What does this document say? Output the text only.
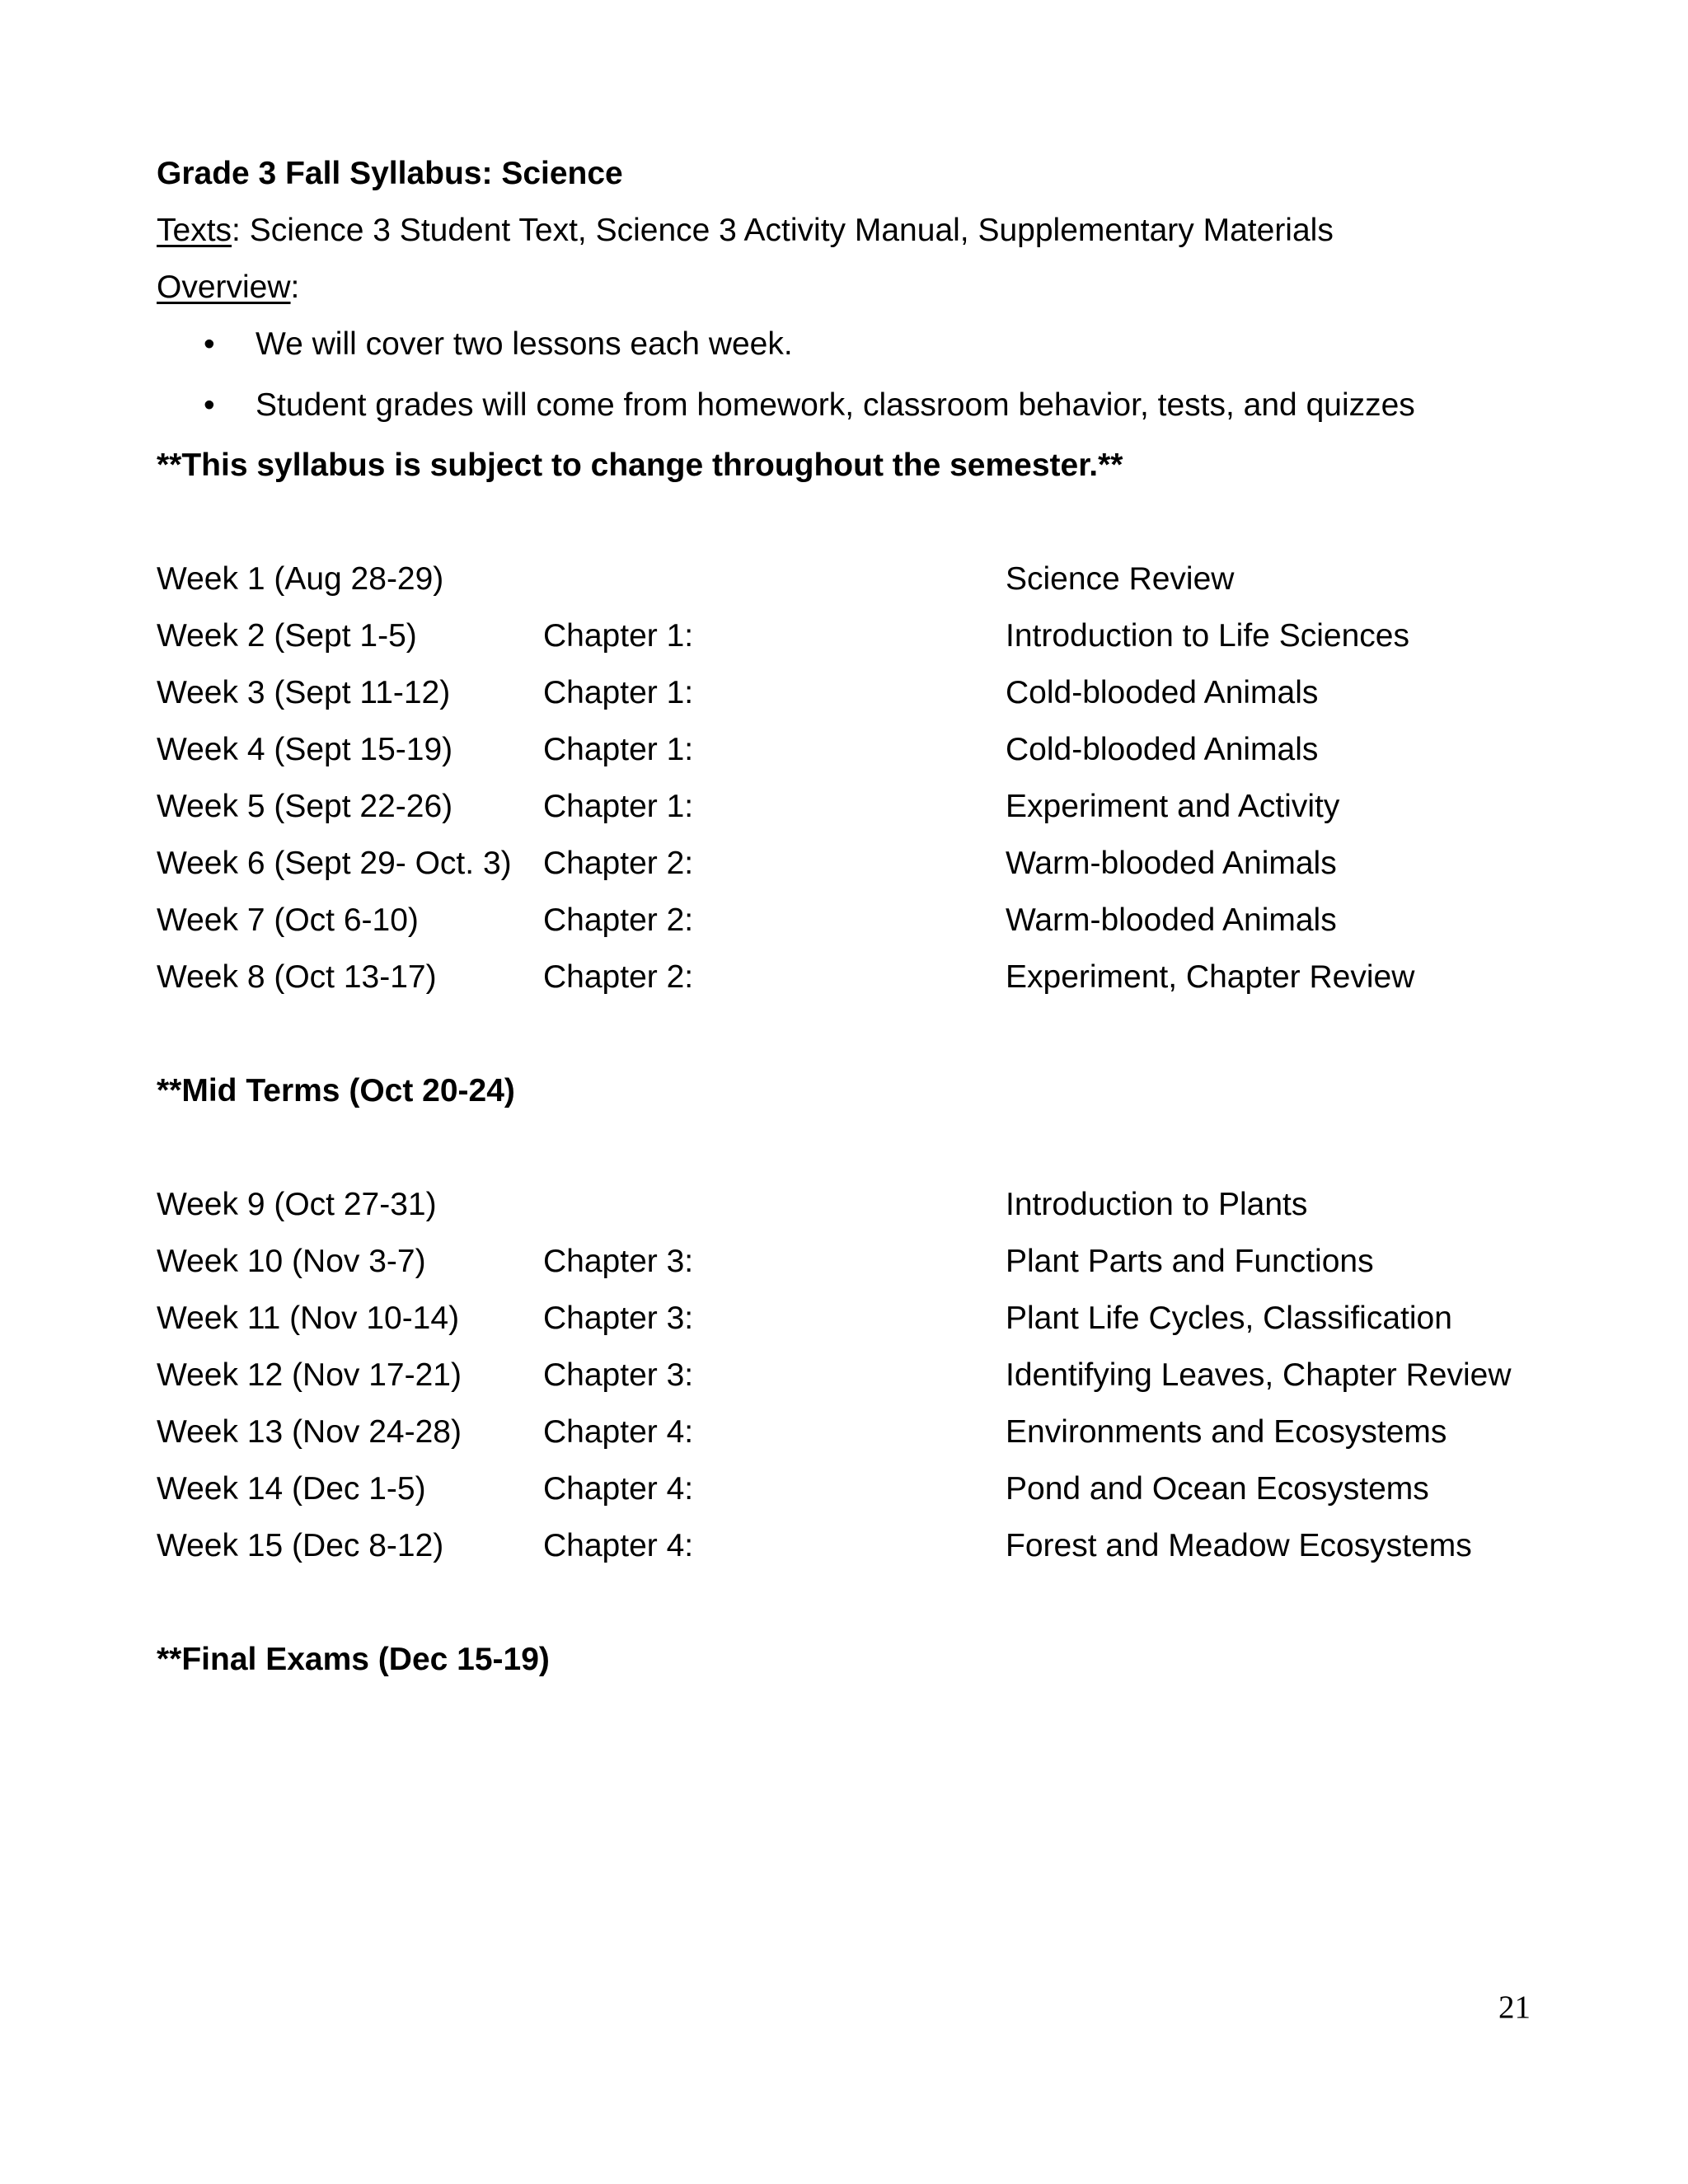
Grade 3 Fall Syllabus: Science
Texts: Science 3 Student Text, Science 3 Activity Manual, Supplementary Materials
Overview:
• We will cover two lessons each week.
• Student grades will come from homework, classroom behavior, tests, and quizzes
**This syllabus is subject to change throughout the semester.**
Week 1 (Aug 28-29)	Science Review
Week 2 (Sept 1-5)	Chapter 1:	Introduction to Life Sciences
Week 3 (Sept 11-12)	Chapter 1:	Cold-blooded Animals
Week 4 (Sept 15-19)	Chapter 1:	Cold-blooded Animals
Week 5 (Sept 22-26)	Chapter 1:	Experiment and Activity
Week 6 (Sept 29- Oct. 3) Chapter 2:	Warm-blooded Animals
Week 7 (Oct 6-10)	Chapter 2:	Warm-blooded Animals
Week 8 (Oct 13-17)	Chapter 2:	Experiment, Chapter Review
**Mid Terms (Oct 20-24)
Week 9 (Oct 27-31)	Introduction to Plants
Week 10 (Nov 3-7)	Chapter 3:	Plant Parts and Functions
Week 11 (Nov 10-14)	Chapter 3:	Plant Life Cycles, Classification
Week 12 (Nov 17-21)	Chapter 3:	Identifying Leaves, Chapter Review
Week 13 (Nov 24-28)	Chapter 4:	Environments and Ecosystems
Week 14 (Dec 1-5)	Chapter 4:	Pond and Ocean Ecosystems
Week 15 (Dec 8-12)	Chapter 4:	Forest and Meadow Ecosystems
**Final Exams (Dec 15-19)
21
